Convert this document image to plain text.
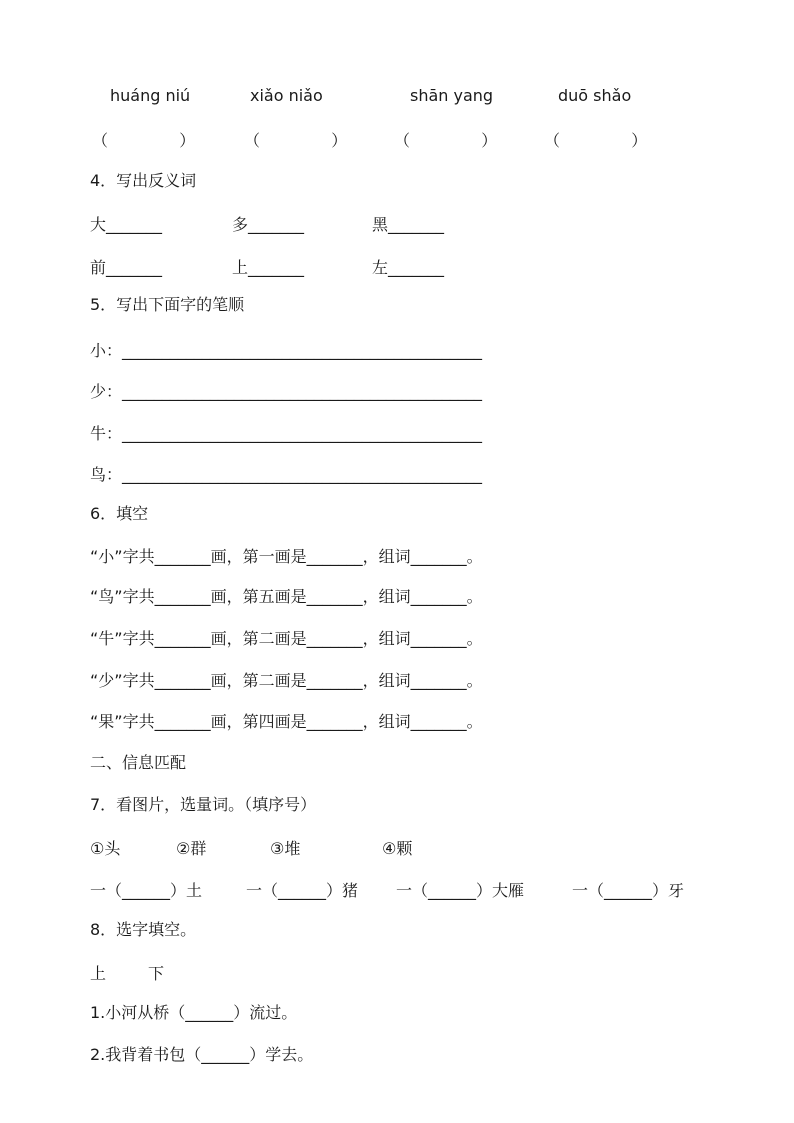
huáng niú	xiǎo niǎo	shān yang	duō shǎo
（              ）	（              ）	（              ）	（              ）
4．写出反义词
大_______	多_______	黑_______
前_______	上_______	左_______
5．写出下面字的笔顺
小：_____________________________________________
少：_____________________________________________
牛：_____________________________________________
鸟：_____________________________________________
6．填空
“小”字共_______画，第一画是_______，组词_______。
“鸟”字共_______画，第五画是_______，组词_______。
“牛”字共_______画，第二画是_______，组词_______。
“少”字共_______画，第二画是_______，组词_______。
“果”字共_______画，第四画是_______，组词_______。
二、信息匹配
7．看图片，选量词。（填序号）
①头	②群	③堆	④颗
一（______）土	一（______）猪 一（______）大雁	一（______）牙
8．选字填空。
上	下
1.小河从桥（______）流过。
2.我背着书包（______）学去。
